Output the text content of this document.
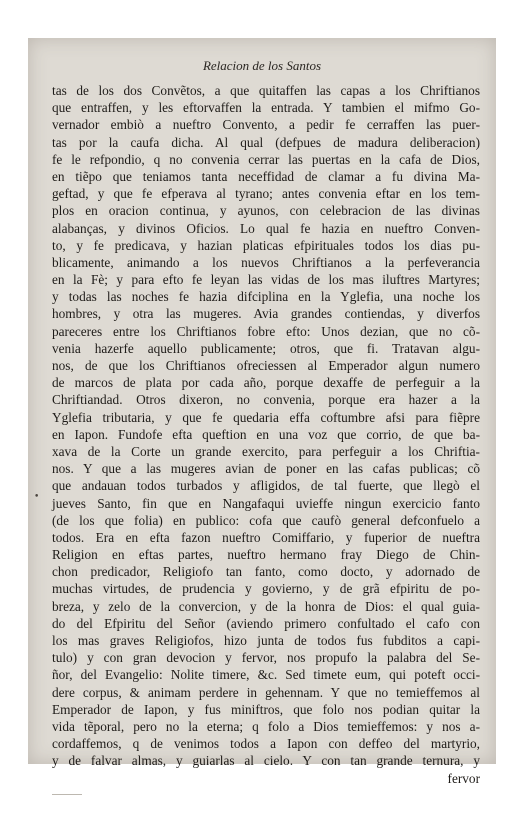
Relacion de los Santos
tas de los dos Convẽtos, a que quitaffen las capas a los Chriftianos
que entraffen, y les eftorvaffen la entrada. Y tambien el mifmo Go-
vernador embiò a nueftro Convento, a pedir fe cerraffen las puer-
tas por la caufa dicha. Al qual (defpues de madura deliberacion)
fe le refpondio, q no convenia cerrar las puertas en la cafa de Dios,
en tiẽpo que teniamos tanta neceffidad de clamar a fu divina Ma-
geftad, y que fe efperava al tyrano; antes convenia eftar en los tem-
plos en oracion continua, y ayunos, con celebracion de las divinas
alabanças, y divinos Oficios. Lo qual fe hazia en nueftro Conven-
to, y fe predicava, y hazian platicas efpirituales todos los dias pu-
blicamente, animando a los nuevos Chriftianos a la perfeverancia
en la Fè; y para efto fe leyan las vidas de los mas iluftres Martyres;
y todas las noches fe hazia difciplina en la Yglefia, una noche los
hombres, y otra las mugeres. Avia grandes contiendas, y diverfos
pareceres entre los Chriftianos fobre efto: Unos dezian, que no cõ-
venia hazerfe aquello publicamente; otros, que fi. Tratavan algu-
nos, de que los Chriftianos ofreciessen al Emperador algun numero
de marcos de plata por cada año, porque dexaffe de perfeguir a la
Chriftiandad. Otros dixeron, no convenia, porque era hazer a la
Yglefia tributaria, y que fe quedaria effa coftumbre afsi para fiẽpre
en Iapon. Fundofe efta queftion en una voz que corrio, de que ba-
xava de la Corte un grande exercito, para perfeguir a los Chriftia-
nos. Y que a las mugeres avian de poner en las cafas publicas; cõ
que andauan todos turbados y afligidos, de tal fuerte, que llegò el
jueves Santo, fin que en Nangafaqui uvieffe ningun exercicio fanto
(de los que folia) en publico: cofa que caufò general defconfuelo a
todos. Era en efta fazon nueftro Comiffario, y fuperior de nueftra
Religion en eftas partes, nueftro hermano fray Diego de Chin-
chon predicador, Religiofo tan fanto, como docto, y adornado de
muchas virtudes, de prudencia y govierno, y de grã efpiritu de po-
breza, y zelo de la convercion, y de la honra de Dios: el qual guia-
do del Efpiritu del Señor (aviendo primero confultado el cafo con
los mas graves Religiofos, hizo junta de todos fus fubditos a capi-
tulo) y con gran devocion y fervor, nos propufo la palabra del Se-
ñor, del Evangelio: Nolite timere, &c. Sed timete eum, qui poteft occi-
dere corpus, & animam perdere in gehennam. Y que no temieffemos al
Emperador de Iapon, y fus miniftros, que folo nos podian quitar la
vida tẽporal, pero no la eterna; q folo a Dios temieffemos: y nos a-
cordaffemos, q de venimos todos a Iapon con deffeo del martyrio,
y de falvar almas, y guiarlas al cielo. Y con tan grande ternura, y
fervor
•
